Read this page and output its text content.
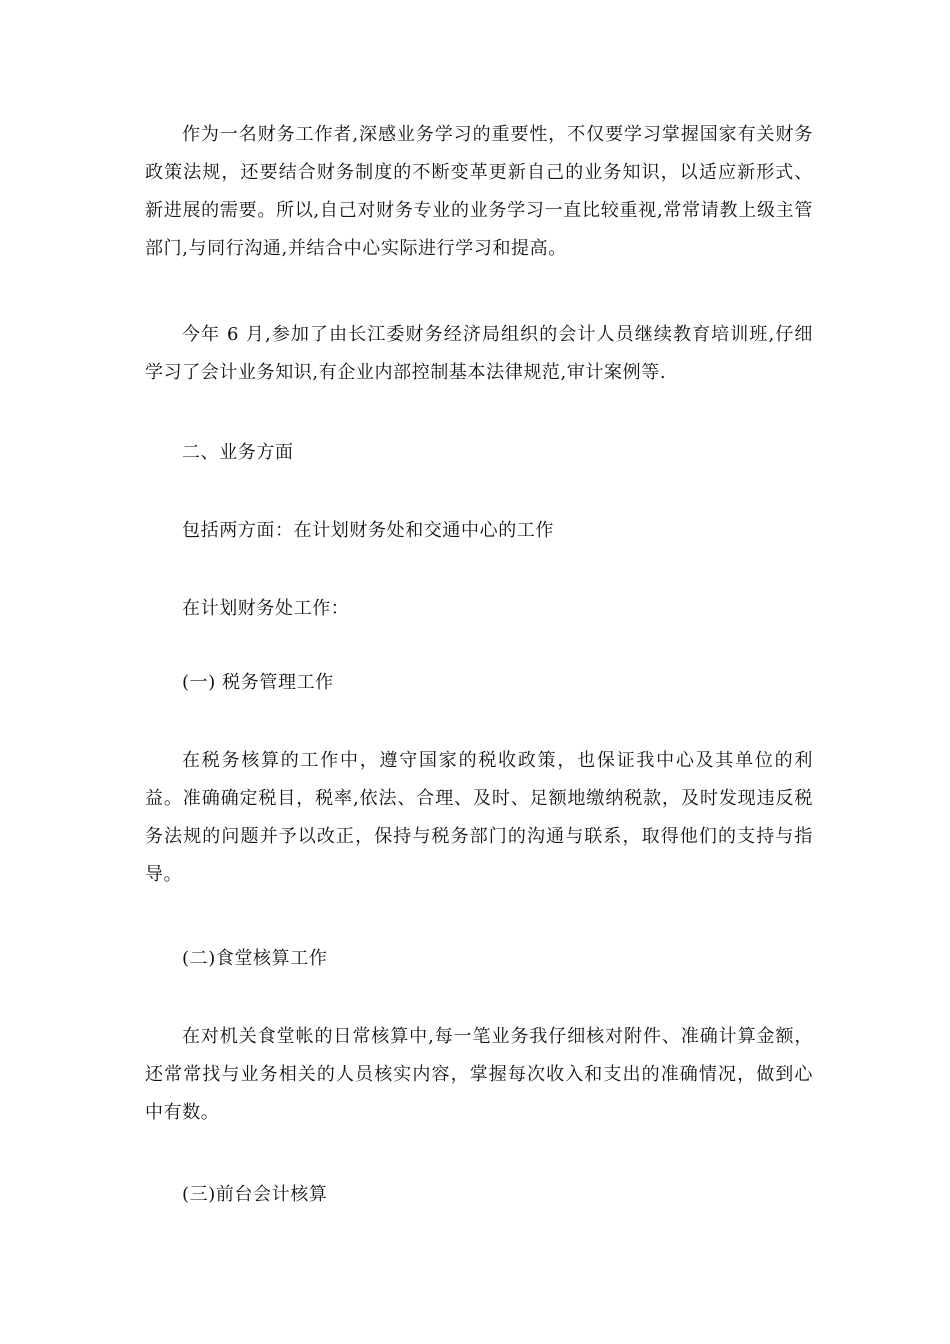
作为一名财务工作者,深感业务学习的重要性，不仅要学习掌握国家有关财务政策法规，还要结合财务制度的不断变革更新自己的业务知识，以适应新形式、新进展的需要。所以,自己对财务专业的业务学习一直比较重视,常常请教上级主管部门,与同行沟通,并结合中心实际进行学习和提高。

今年 6 月,参加了由长江委财务经济局组织的会计人员继续教育培训班,仔细学习了会计业务知识,有企业内部控制基本法律规范,审计案例等.

二、业务方面

包括两方面：在计划财务处和交通中心的工作

在计划财务处工作：

(一) 税务管理工作

在税务核算的工作中，遵守国家的税收政策，也保证我中心及其单位的利益。准确确定税目，税率,依法、合理、及时、足额地缴纳税款，及时发现违反税务法规的问题并予以改正，保持与税务部门的沟通与联系，取得他们的支持与指导。

(二)食堂核算工作

在对机关食堂帐的日常核算中,每一笔业务我仔细核对附件、准确计算金额，还常常找与业务相关的人员核实内容，掌握每次收入和支出的准确情况，做到心中有数。

(三)前台会计核算
